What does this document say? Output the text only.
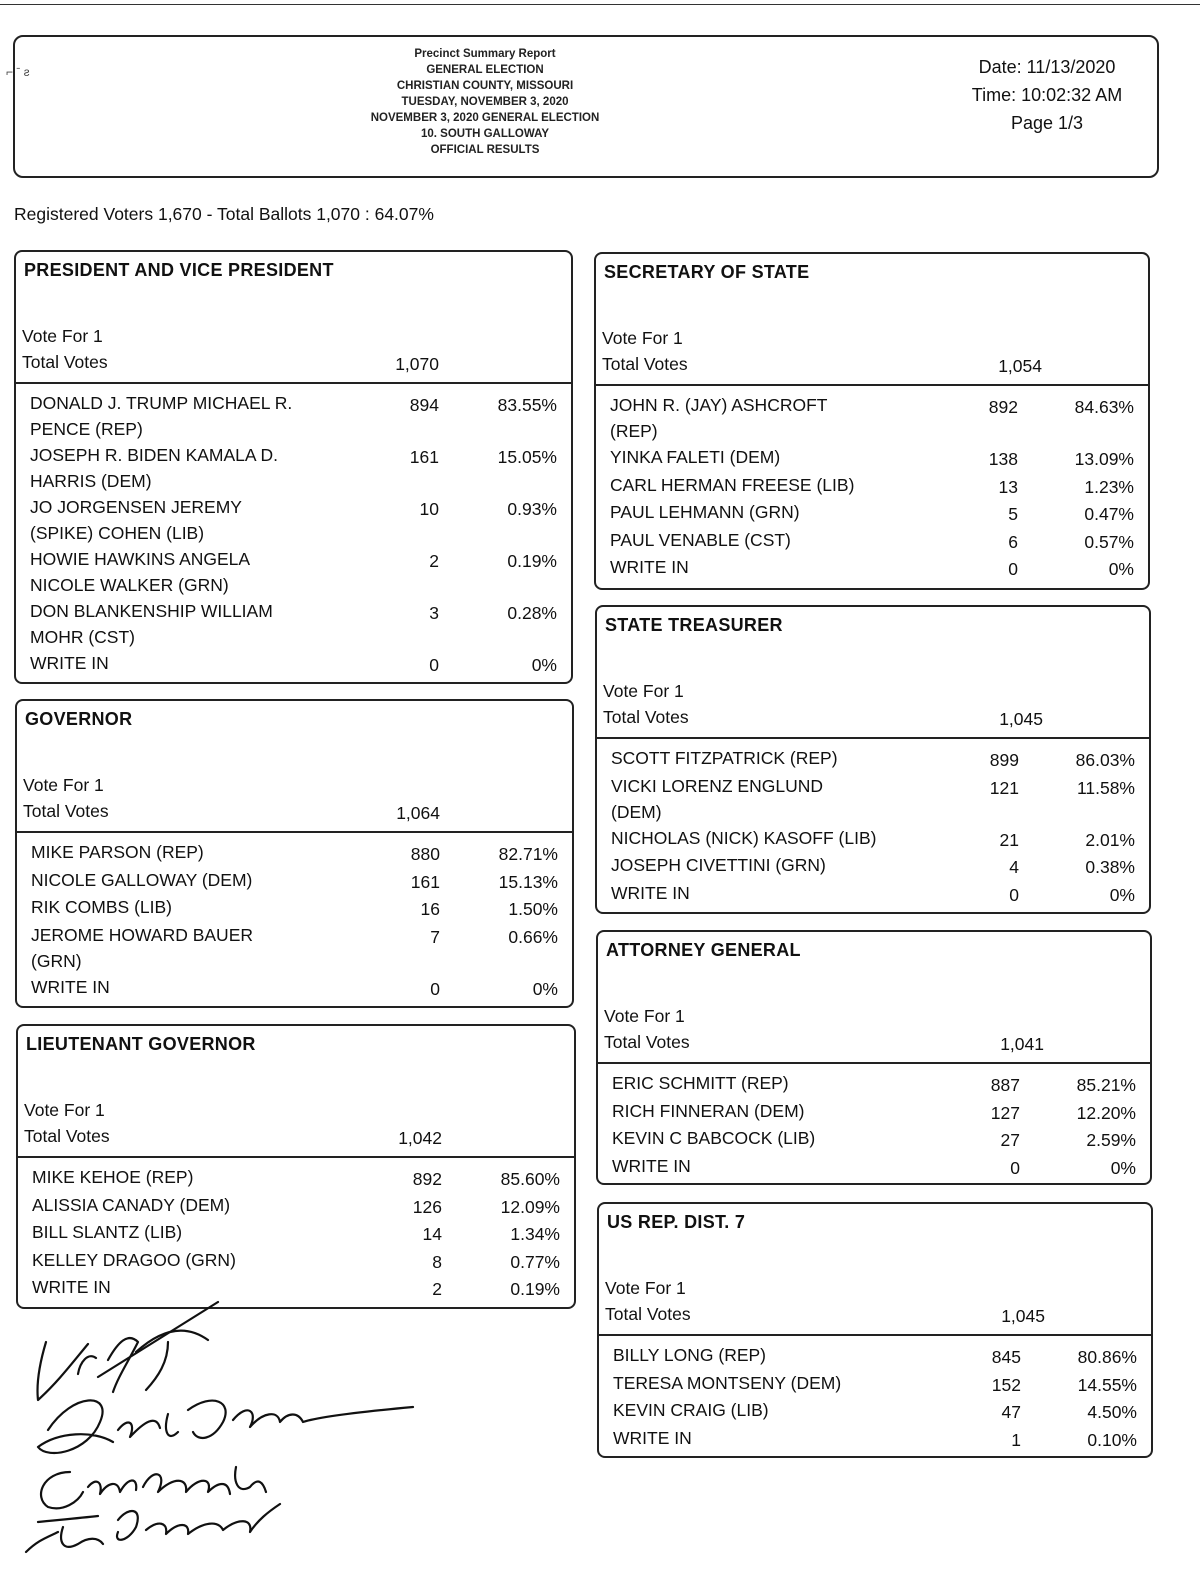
Precinct Summary Report
GENERAL ELECTION
CHRISTIAN COUNTY, MISSOURI
TUESDAY, NOVEMBER 3, 2020
NOVEMBER 3, 2020 GENERAL ELECTION
10. SOUTH GALLOWAY
OFFICIAL RESULTS
Date: 11/13/2020
Time: 10:02:32 AM
Page 1/3
⌐ ˉ ƨ
Registered Voters 1,670 - Total Ballots 1,070 : 64.07%
PRESIDENT AND VICE PRESIDENT
Vote For 1
Total Votes	1,070
DONALD J. TRUMP MICHAEL R.
PENCE (REP)
894	83.55%
JOSEPH R. BIDEN KAMALA D.
HARRIS (DEM)
161	15.05%
JO JORGENSEN JEREMY
(SPIKE) COHEN (LIB)
10	0.93%
HOWIE HAWKINS ANGELA
NICOLE WALKER (GRN)
2	0.19%
DON BLANKENSHIP WILLIAM
MOHR (CST)
3	0.28%
WRITE IN	0	0%
GOVERNOR
Vote For 1
Total Votes	1,064
MIKE PARSON (REP)	880	82.71%
NICOLE GALLOWAY (DEM)	161	15.13%
RIK COMBS (LIB)	16	1.50%
JEROME HOWARD BAUER
(GRN)
7	0.66%
WRITE IN	0	0%
LIEUTENANT GOVERNOR
Vote For 1
Total Votes	1,042
MIKE KEHOE (REP)	892	85.60%
ALISSIA CANADY (DEM)	126	12.09%
BILL SLANTZ (LIB)	14	1.34%
KELLEY DRAGOO (GRN)	8	0.77%
WRITE IN	2	0.19%
SECRETARY OF STATE
Vote For 1
Total Votes	1,054
JOHN R. (JAY) ASHCROFT
(REP)
892	84.63%
YINKA FALETI (DEM)	138	13.09%
CARL HERMAN FREESE (LIB)	13	1.23%
PAUL LEHMANN (GRN)	5	0.47%
PAUL VENABLE (CST)	6	0.57%
WRITE IN	0	0%
STATE TREASURER
Vote For 1
Total Votes	1,045
SCOTT FITZPATRICK (REP)	899	86.03%
VICKI LORENZ ENGLUND
(DEM)
121	11.58%
NICHOLAS (NICK) KASOFF (LIB)	21	2.01%
JOSEPH CIVETTINI (GRN)	4	0.38%
WRITE IN	0	0%
ATTORNEY GENERAL
Vote For 1
Total Votes	1,041
ERIC SCHMITT (REP)	887	85.21%
RICH FINNERAN (DEM)	127	12.20%
KEVIN C BABCOCK (LIB)	27	2.59%
WRITE IN	0	0%
US REP. DIST. 7
Vote For 1
Total Votes	1,045
BILLY LONG (REP)	845	80.86%
TERESA MONTSENY (DEM)	152	14.55%
KEVIN CRAIG (LIB)	47	4.50%
WRITE IN	1	0.10%
